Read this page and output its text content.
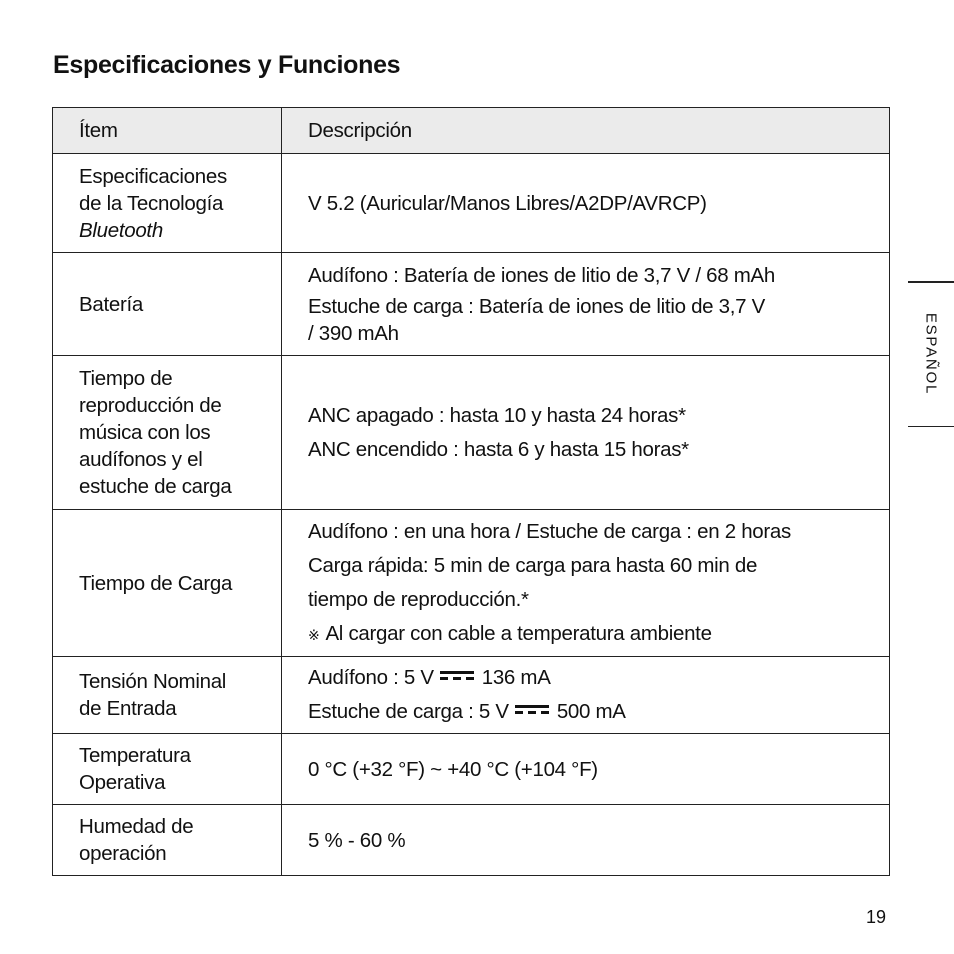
Especificaciones y Funciones
Ítem	Descripción

Especificaciones
de la Tecnología
Bluetooth	V 5.2 (Auricular/Manos Libres/A2DP/AVRCP)

Batería	Audífono : Batería de iones de litio de 3,7 V / 68 mAh
Estuche de carga : Batería de iones de litio de 3,7 V
/ 390 mAh

Tiempo de
reproducción de
música con los
audífonos y el
estuche de carga	ANC apagado : hasta 10 y hasta 24 horas*
ANC encendido : hasta 6 y hasta 15 horas*

Tiempo de Carga	Audífono : en una hora / Estuche de carga : en 2 horas
Carga rápida: 5 min de carga para hasta 60 min de
tiempo de reproducción.*
※ Al cargar con cable a temperatura ambiente

Tensión Nominal
de Entrada	Audífono : 5 V 136 mA
Estuche de carga : 5 V 500 mA

Temperatura
Operativa	0 °C (+32 °F) ~ +40 °C (+104 °F)

Humedad de
operación	5 % - 60 %
ESPAÑOL
19
